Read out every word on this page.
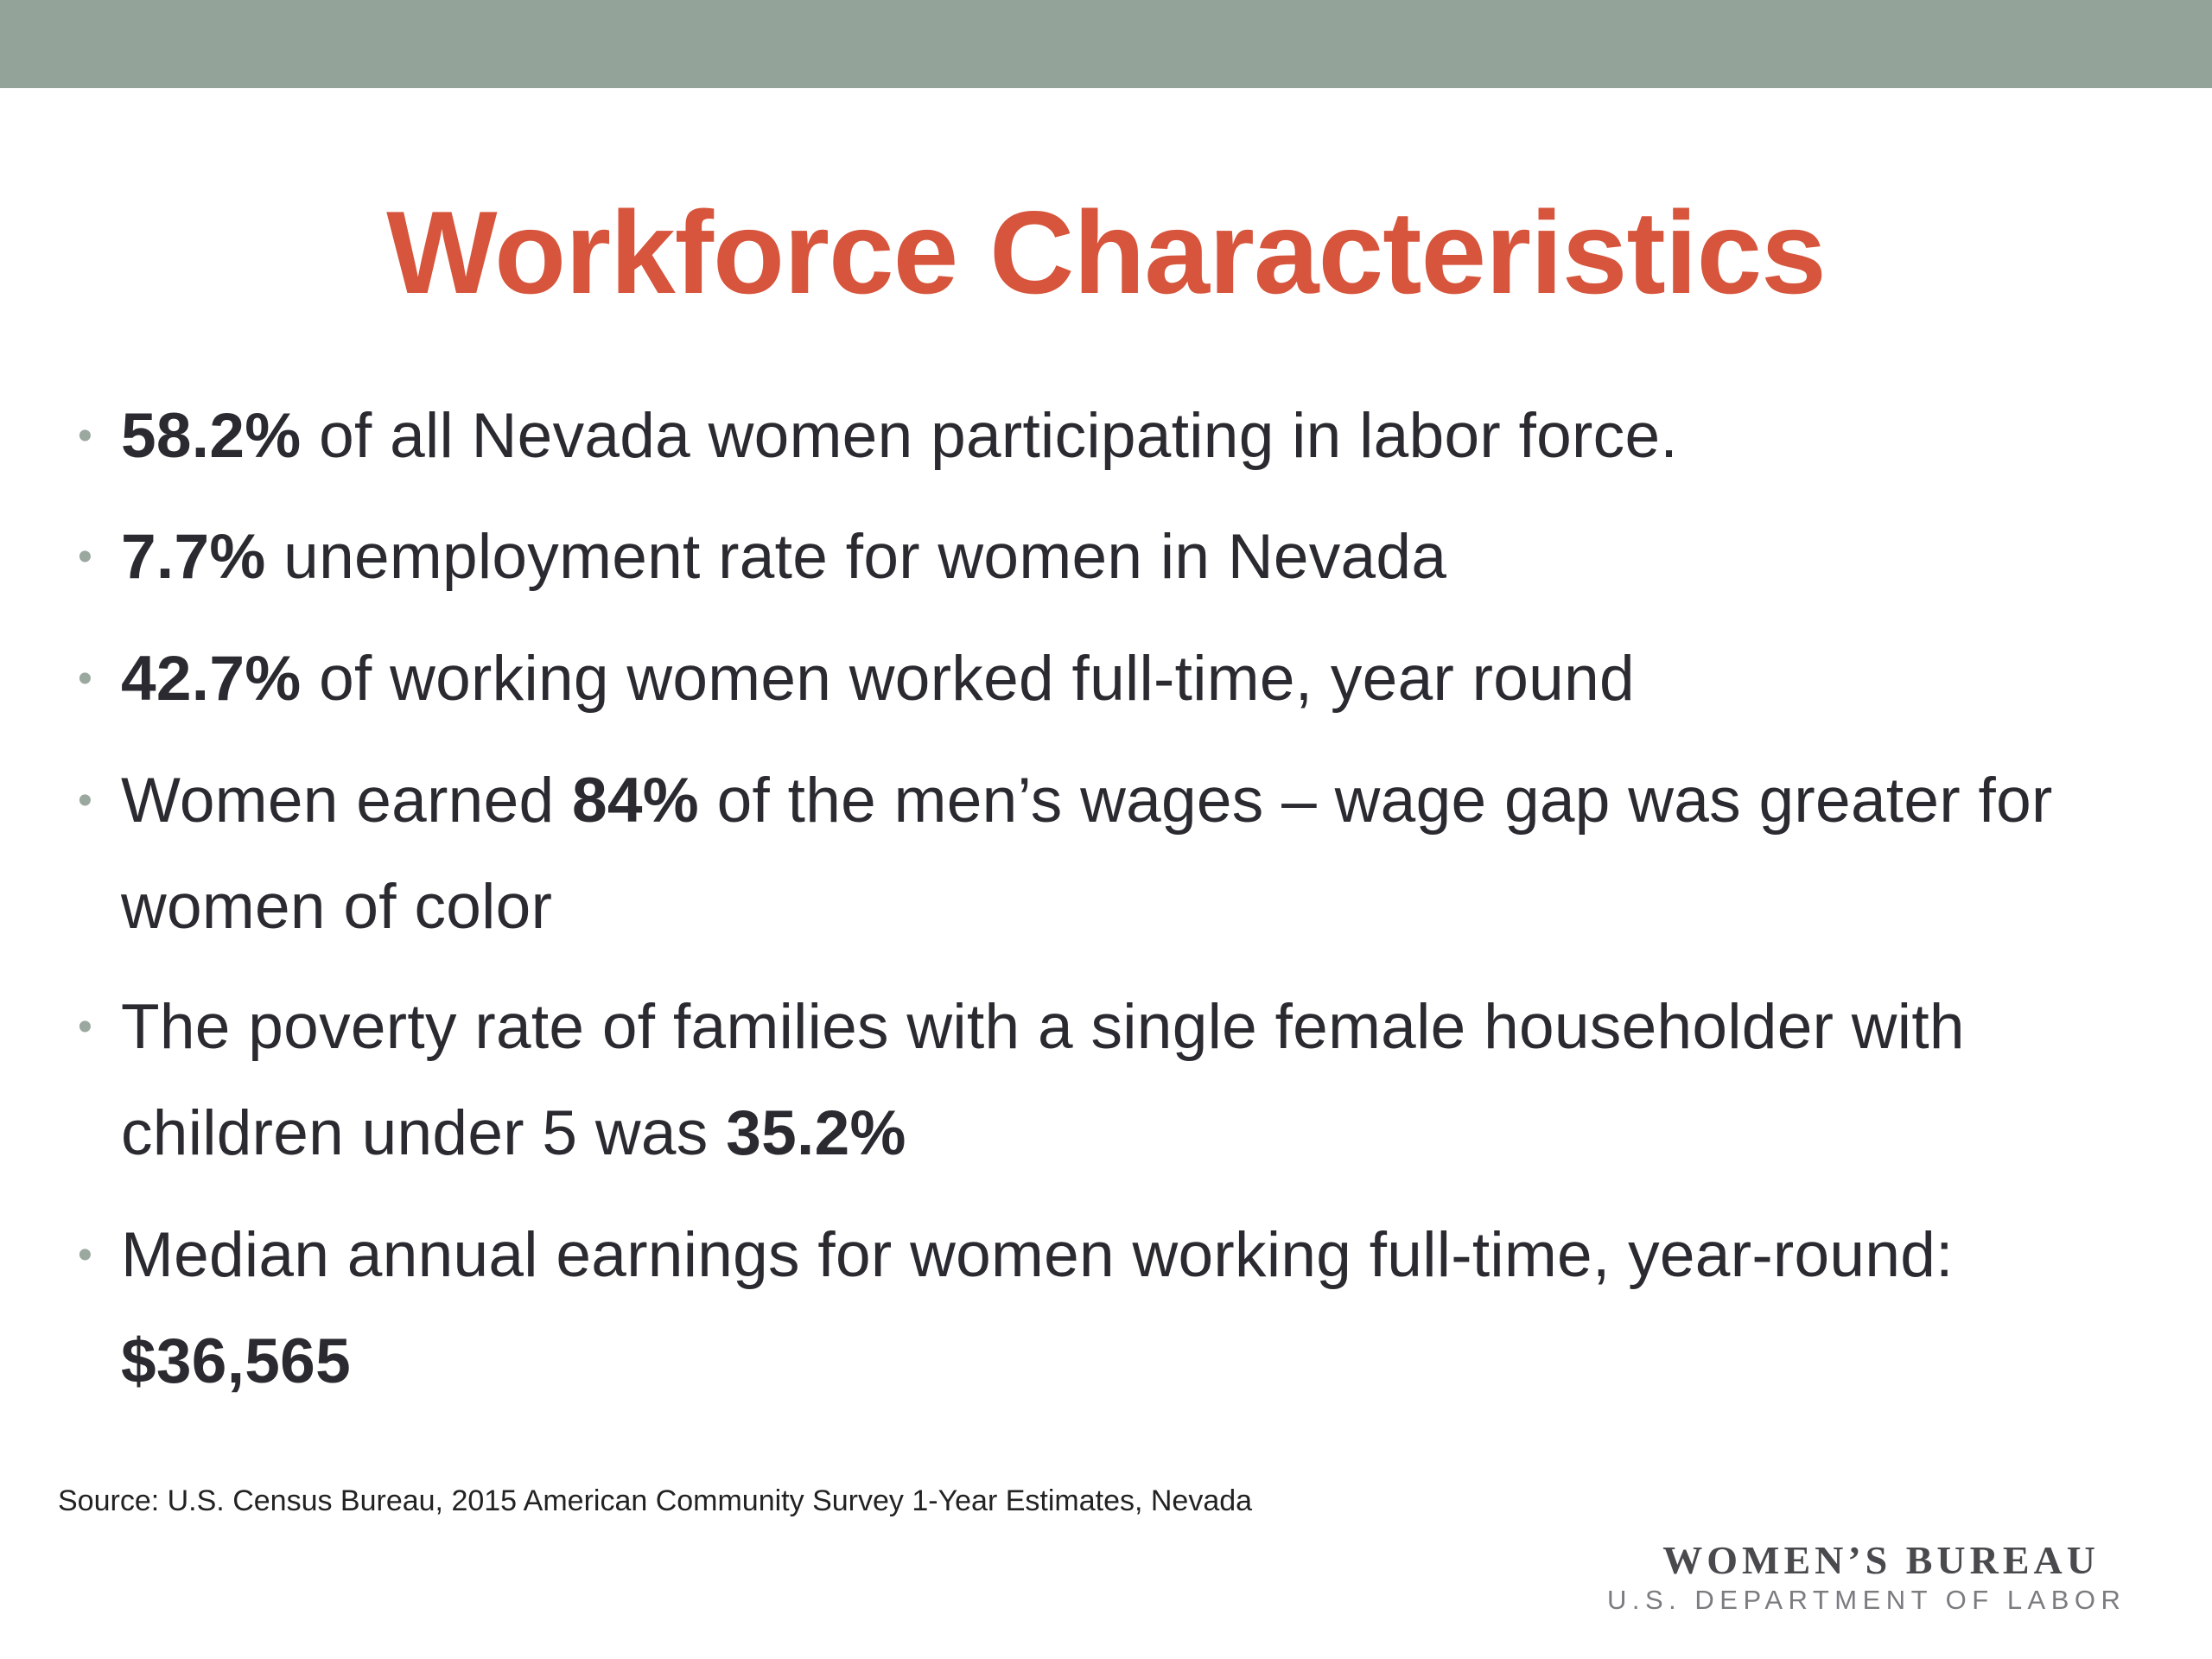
Workforce Characteristics
• 58.2% of all Nevada women participating in labor force.
• 7.7% unemployment rate for women in Nevada
• 42.7% of working women worked full-time, year round
• Women earned 84% of the men’s wages – wage gap was greater for women of color
• The poverty rate of families with a single female householder with children under 5 was 35.2%
• Median annual earnings for women working full-time, year-round: $36,565

Source: U.S. Census Bureau, 2015 American Community Survey 1-Year Estimates, Nevada

WOMEN’S BUREAU
U.S. DEPARTMENT OF LABOR
